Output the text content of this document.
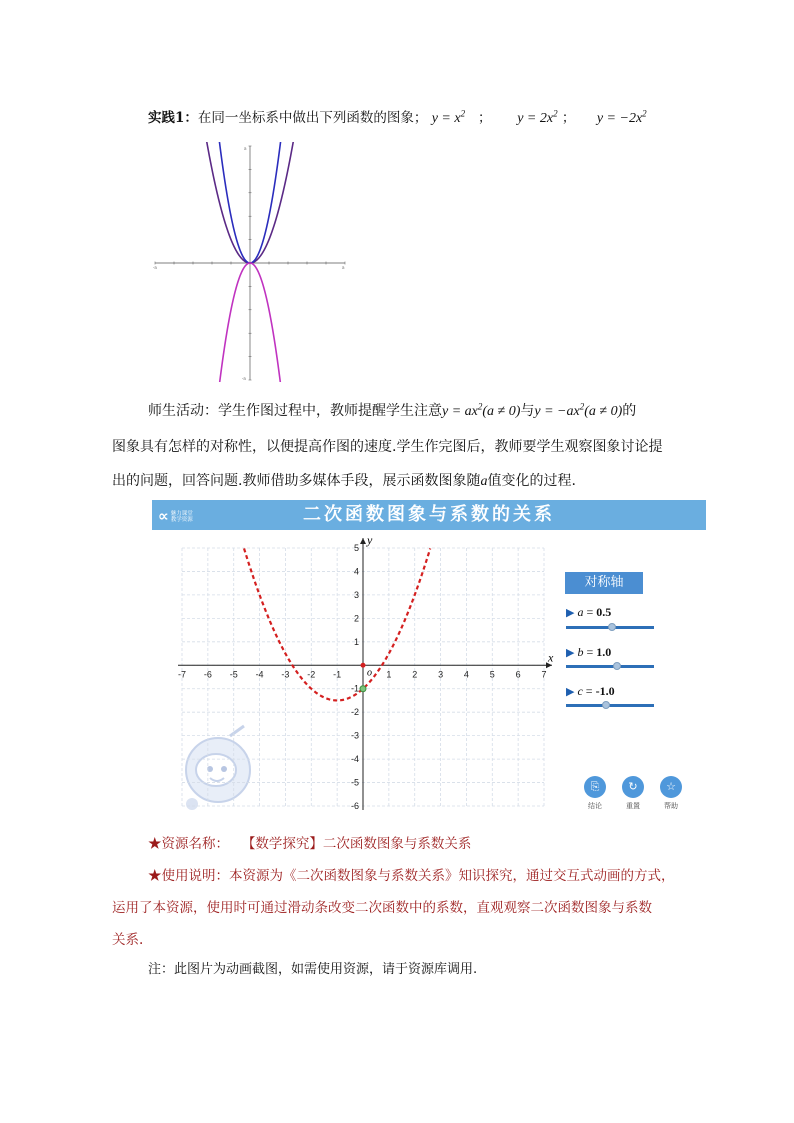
实践1：在同一坐标系中做出下列函数的图象； $y = x^2$ ； $y = 2x^2$ ； $y = -2x^2$
-5	5
5
-5
师生活动：学生作图过程中，教师提醒学生注意$y = ax^2(a \ne 0)$与$y = -ax^2(a \ne 0)$的
图象具有怎样的对称性，以便提高作图的速度.学生作完图后，教师要学生观察图象讨论提
出的问题，回答问题.教师借助多媒体手段，展示函数图象随a值变化的过程.
∝ 魅力课堂
教学资源	二次函数图象与系数的关系
-7 -6 -5 -4 -3 -2 -1	1 2 3 4 5 6 7
5
4
3
2
1
-1
-2
-3
-4
-5
-6
x
y
o
对称轴
▶ a = 0.5
▶ b = 1.0
▶ c = -1.0
⎘
结论
↻
重置
☆
帮助
★资源名称： 【数学探究】二次函数图象与系数关系
★使用说明：本资源为《二次函数图象与系数关系》知识探究，通过交互式动画的方式，
运用了本资源，使用时可通过滑动条改变二次函数中的系数，直观观察二次函数图象与系数
关系.
注：此图片为动画截图，如需使用资源，请于资源库调用.
